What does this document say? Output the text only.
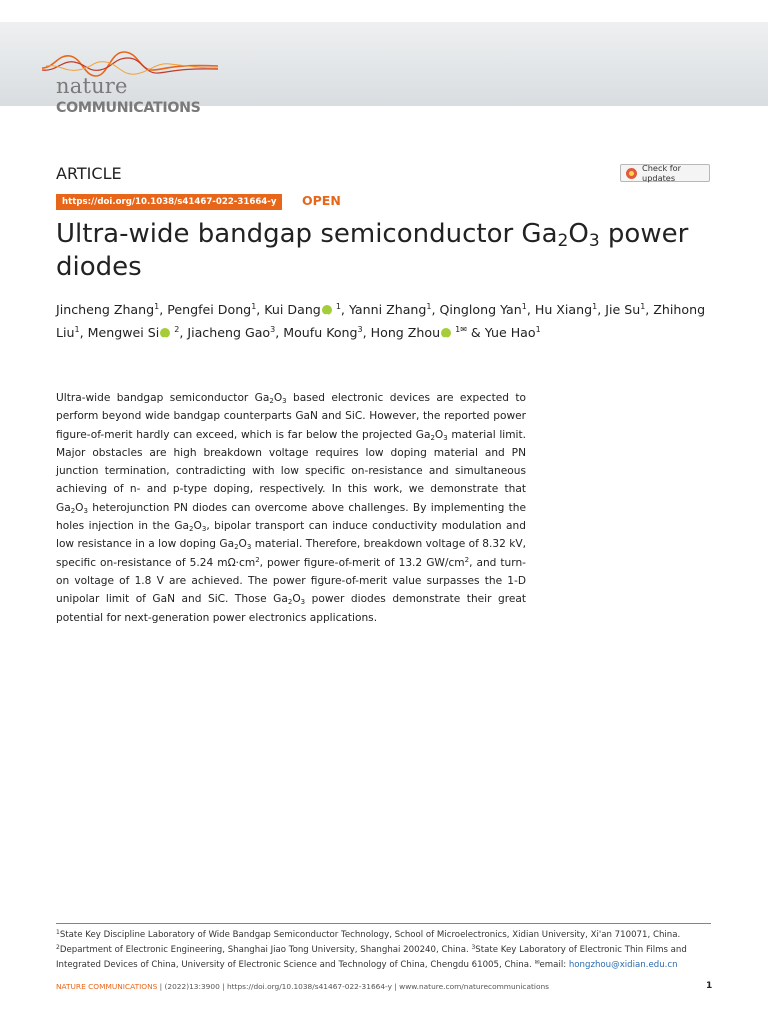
nature
COMMUNICATIONS
ARTICLE	Check for updates
https://doi.org/10.1038/s41467-022-31664-y	OPEN
Ultra-wide bandgap semiconductor $Ga_2O_3$ power diodes
Jincheng Zhang$^1$, Pengfei Dong$^1$, Kui Dang iD $^1$, Yanni Zhang$^1$, Qinglong Yan$^1$, Hu Xiang$^1$, Jie Su$^1$, Zhihong Liu$^1$, Mengwei Si iD $^2$, Jiacheng Gao$^3$, Moufu Kong$^3$, Hong Zhou iD $^{1✉}$ & Yue Hao$^1$

Ultra-wide bandgap semiconductor $Ga_2O_3$ based electronic devices are expected to perform beyond wide bandgap counterparts GaN and SiC. However, the reported power figure-of-merit hardly can exceed, which is far below the projected $Ga_2O_3$ material limit. Major obstacles are high breakdown voltage requires low doping material and PN junction termination, contradicting with low specific on-resistance and simultaneous achieving of n- and p-type doping, respectively. In this work, we demonstrate that $Ga_2O_3$ heterojunction PN diodes can overcome above challenges. By implementing the holes injection in the $Ga_2O_3$, bipolar transport can induce conductivity modulation and low resistance in a low doping $Ga_2O_3$ material. Therefore, breakdown voltage of 8.32 kV, specific on-resistance of 5.24 $m\Omega\cdot cm^2$, power figure-of-merit of 13.2 $GW/cm^2$, and turn-on voltage of 1.8 V are achieved. The power figure-of-merit value surpasses the 1-D unipolar limit of GaN and SiC. Those $Ga_2O_3$ power diodes demonstrate their great potential for next-generation power electronics applications.

$^1$State Key Discipline Laboratory of Wide Bandgap Semiconductor Technology, School of Microelectronics, Xidian University, Xi'an 710071, China.
$^2$Department of Electronic Engineering, Shanghai Jiao Tong University, Shanghai 200240, China. $^3$State Key Laboratory of Electronic Thin Films and Integrated Devices of China, University of Electronic Science and Technology of China, Chengdu 61005, China. ✉email: hongzhou@xidian.edu.cn
NATURE COMMUNICATIONS | (2022)13:3900 | https://doi.org/10.1038/s41467-022-31664-y | www.nature.com/naturecommunications	1
